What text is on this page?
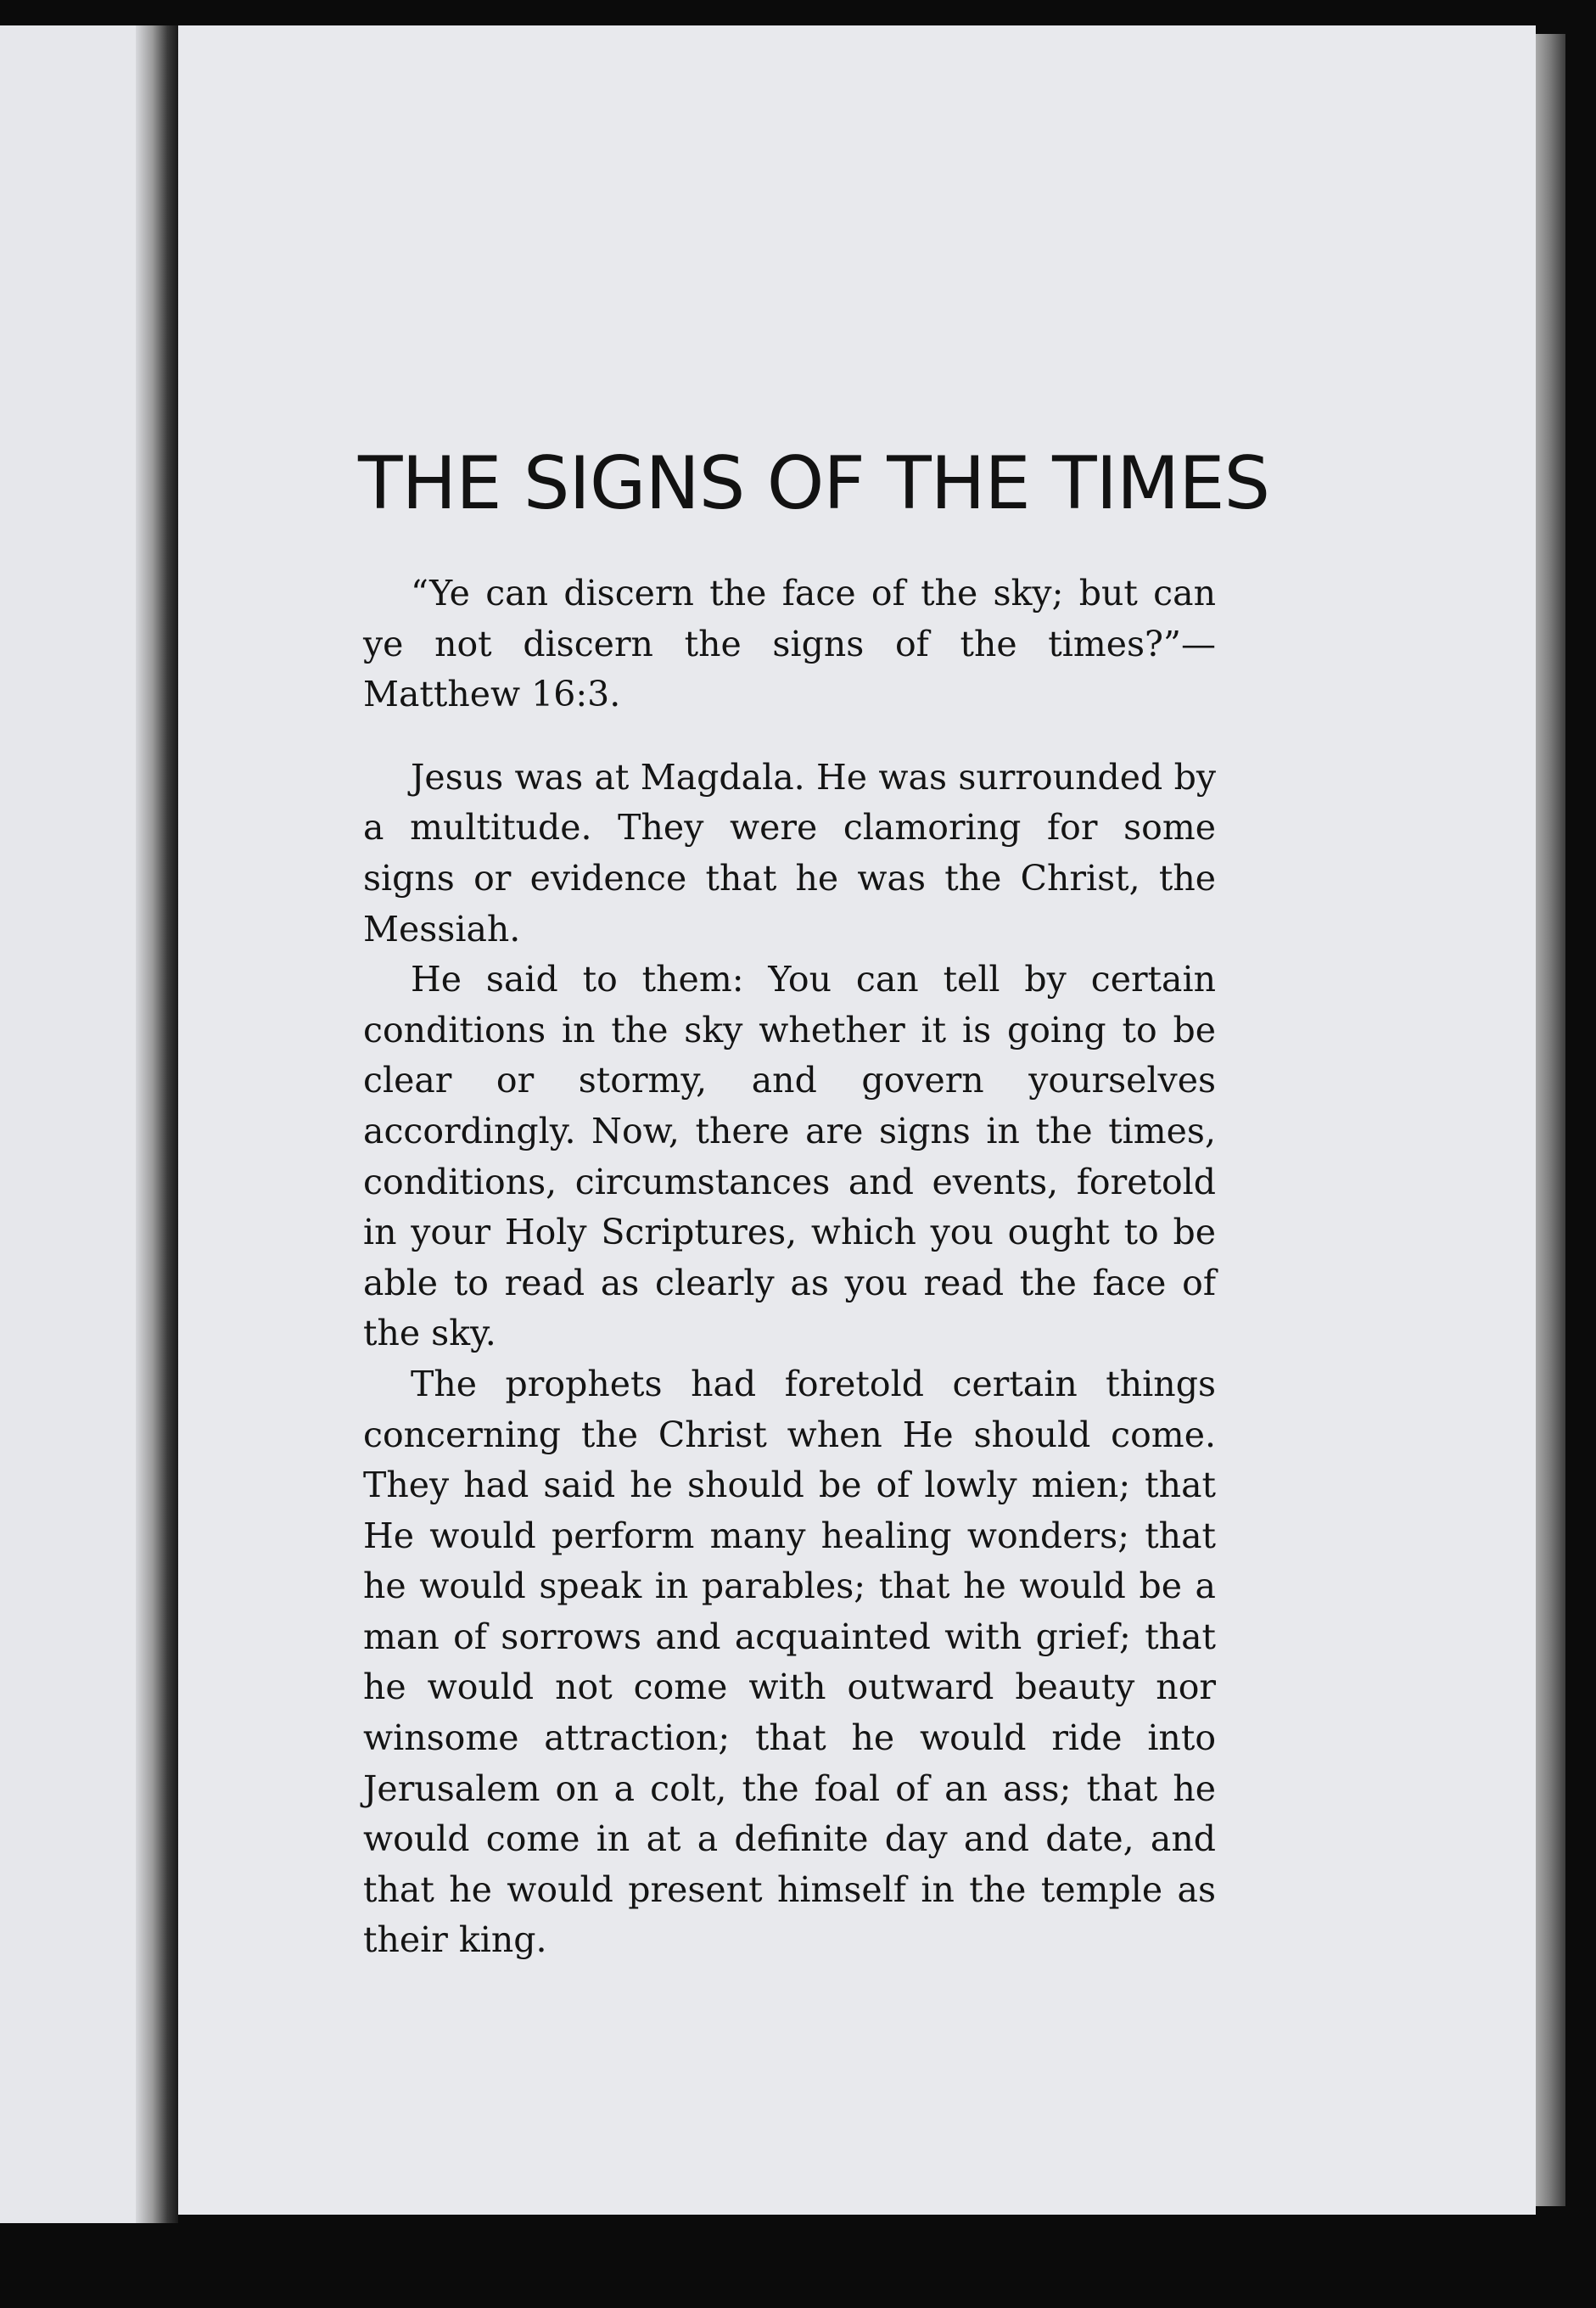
THE SIGNS OF THE TIMES

“Ye can discern the face of the sky; but can ye not discern the signs of the times?”—Matthew 16:3.

Jesus was at Magdala. He was surrounded by a multitude. They were clamoring for some signs or evidence that he was the Christ, the Messiah.

He said to them: You can tell by certain conditions in the sky whether it is going to be clear or stormy, and govern yourselves accordingly. Now, there are signs in the times, conditions, circumstances and events, foretold in your Holy Scriptures, which you ought to be able to read as clearly as you read the face of the sky.

The prophets had foretold certain things concerning the Christ when He should come. They had said he should be of lowly mien; that He would perform many healing wonders; that he would speak in parables; that he would be a man of sorrows and acquainted with grief; that he would not come with outward beauty nor winsome attraction; that he would ride into Jerusalem on a colt, the foal of an ass; that he would come in at a definite day and date, and that he would present himself in the temple as their king.
